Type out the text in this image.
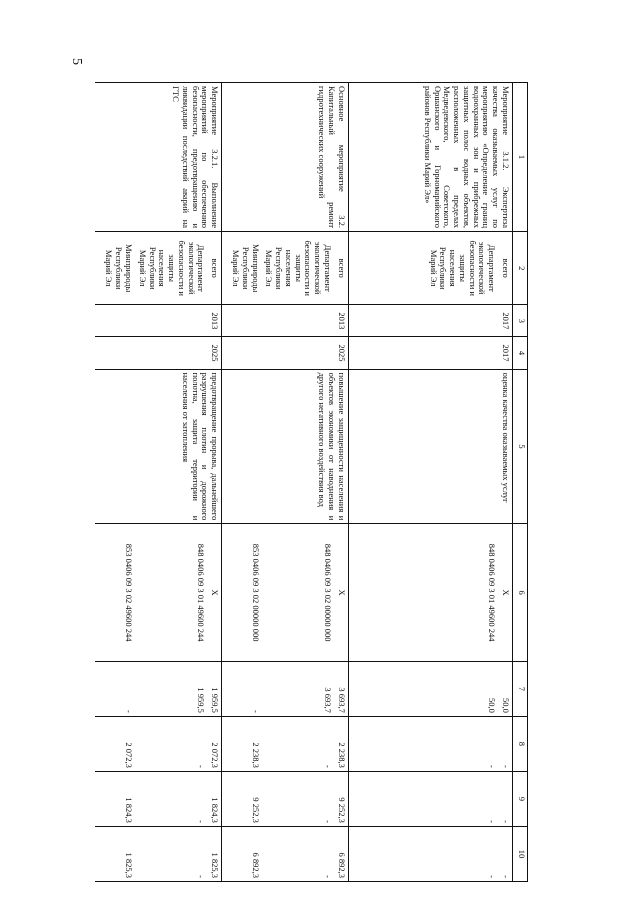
5
1	2	3	4	5	6	7	8	9	10
Мероприятие 3.1.2. Экспертиза качества оказываемых услуг по мероприятию «Определение границ водоохранных зон и прибрежных защитных полос водных объектов, расположенных в пределах Медведевского, Советского, Оршанского и Горномарийского районов Республики Марий Эл»	всего	2017	2017	оценка качества оказываемых услуг	X	50,0	-	-	-
	Департамент экологической безопасности и защиты населения Республики Марий Эл				848 0406 09 3 01 49600 244	50,0	-	-	-
Основное мероприятие 3.2. Капитальный ремонт гидротехнических сооружений	всего	2013	2025	повышение защищенности населения и объектов экономики от наводнения и другого негативного воздействия вод	X	3 693,7	2 238,3	9 252,3	6 892,3
	Департамент экологической безопасности и защиты населения Республики Марий Эл				848 0406 09 3 02 00000 000	3 693,7	-	-	-
	Минприроды Республики Марий Эл				853 0406 09 3 02 00000 000	-	2 238,3	9 252,3	6 892,3
Мероприятие 3.2.1. Выполнение мероприятий по обеспечению безопасности, предотвращению и ликвидации последствий аварий на ГТС	всего	2013	2025	предотвращение прорыва, дальнейшего разрушения плотин и дорожного полотна, защита территории и населения от затопления	X	1 959,5	2 072,3	1 824,3	1 825,3
	Департамент экологической безопасности и защиты населения Республики Марий Эл				848 0406 09 3 01 49600 244	1 959,5	-	-	-
	Минприроды Республики Марий Эл				853 0406 09 3 02 49600 244	-	2 072,3	1 824,3	1 825,3
